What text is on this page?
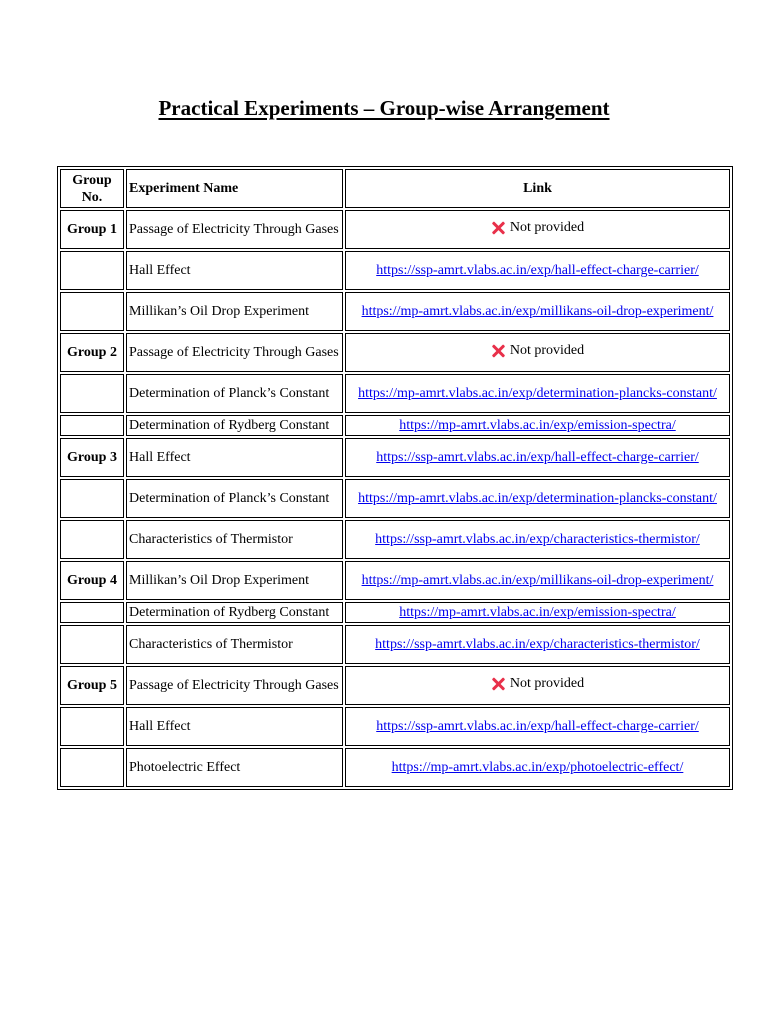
Practical Experiments – Group-wise Arrangement
Group No.	Experiment Name	Link
Group 1	Passage of Electricity Through Gases	Not provided

	Hall Effect	https://ssp-amrt.vlabs.ac.in/exp/hall-effect-charge-carrier/
	Millikan’s Oil Drop Experiment	https://mp-amrt.vlabs.ac.in/exp/millikans-oil-drop-experiment/
Group 2	Passage of Electricity Through Gases	Not provided

	Determination of Planck’s Constant	https://mp-amrt.vlabs.ac.in/exp/determination-plancks-constant/
	Determination of Rydberg Constant	https://mp-amrt.vlabs.ac.in/exp/emission-spectra/
Group 3	Hall Effect	https://ssp-amrt.vlabs.ac.in/exp/hall-effect-charge-carrier/
	Determination of Planck’s Constant	https://mp-amrt.vlabs.ac.in/exp/determination-plancks-constant/
	Characteristics of Thermistor	https://ssp-amrt.vlabs.ac.in/exp/characteristics-thermistor/
Group 4	Millikan’s Oil Drop Experiment	https://mp-amrt.vlabs.ac.in/exp/millikans-oil-drop-experiment/
	Determination of Rydberg Constant	https://mp-amrt.vlabs.ac.in/exp/emission-spectra/
	Characteristics of Thermistor	https://ssp-amrt.vlabs.ac.in/exp/characteristics-thermistor/
Group 5	Passage of Electricity Through Gases	Not provided

	Hall Effect	https://ssp-amrt.vlabs.ac.in/exp/hall-effect-charge-carrier/
	Photoelectric Effect	https://mp-amrt.vlabs.ac.in/exp/photoelectric-effect/
